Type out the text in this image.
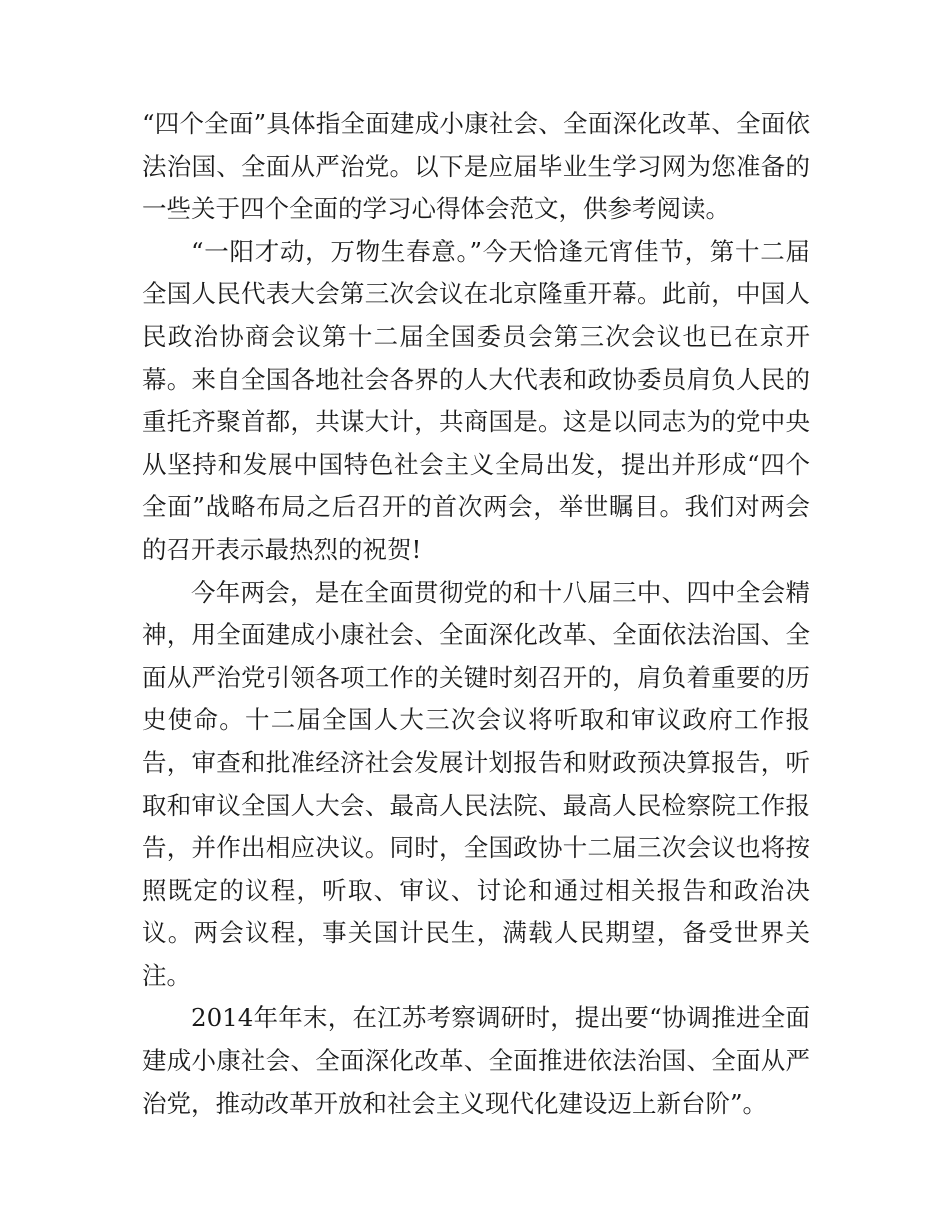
“四个全面”具体指全面建成小康社会、全面深化改革、全面依法治国、全面从严治党。以下是应届毕业生学习网为您准备的一些关于四个全面的学习心得体会范文，供参考阅读。

“一阳才动，万物生春意。”今天恰逢元宵佳节，第十二届全国人民代表大会第三次会议在北京隆重开幕。此前，中国人民政治协商会议第十二届全国委员会第三次会议也已在京开幕。来自全国各地社会各界的人大代表和政协委员肩负人民的重托齐聚首都，共谋大计，共商国是。这是以同志为的党中央从坚持和发展中国特色社会主义全局出发，提出并形成“四个全面”战略布局之后召开的首次两会，举世瞩目。我们对两会的召开表示最热烈的祝贺!

今年两会，是在全面贯彻党的和十八届三中、四中全会精神，用全面建成小康社会、全面深化改革、全面依法治国、全面从严治党引领各项工作的关键时刻召开的，肩负着重要的历史使命。十二届全国人大三次会议将听取和审议政府工作报告，审查和批准经济社会发展计划报告和财政预决算报告，听取和审议全国人大会、最高人民法院、最高人民检察院工作报告，并作出相应决议。同时，全国政协十二届三次会议也将按照既定的议程，听取、审议、讨论和通过相关报告和政治决议。两会议程，事关国计民生，满载人民期望，备受世界关注。

2014年年末，在江苏考察调研时，提出要“协调推进全面建成小康社会、全面深化改革、全面推进依法治国、全面从严治党，推动改革开放和社会主义现代化建设迈上新台阶”。
